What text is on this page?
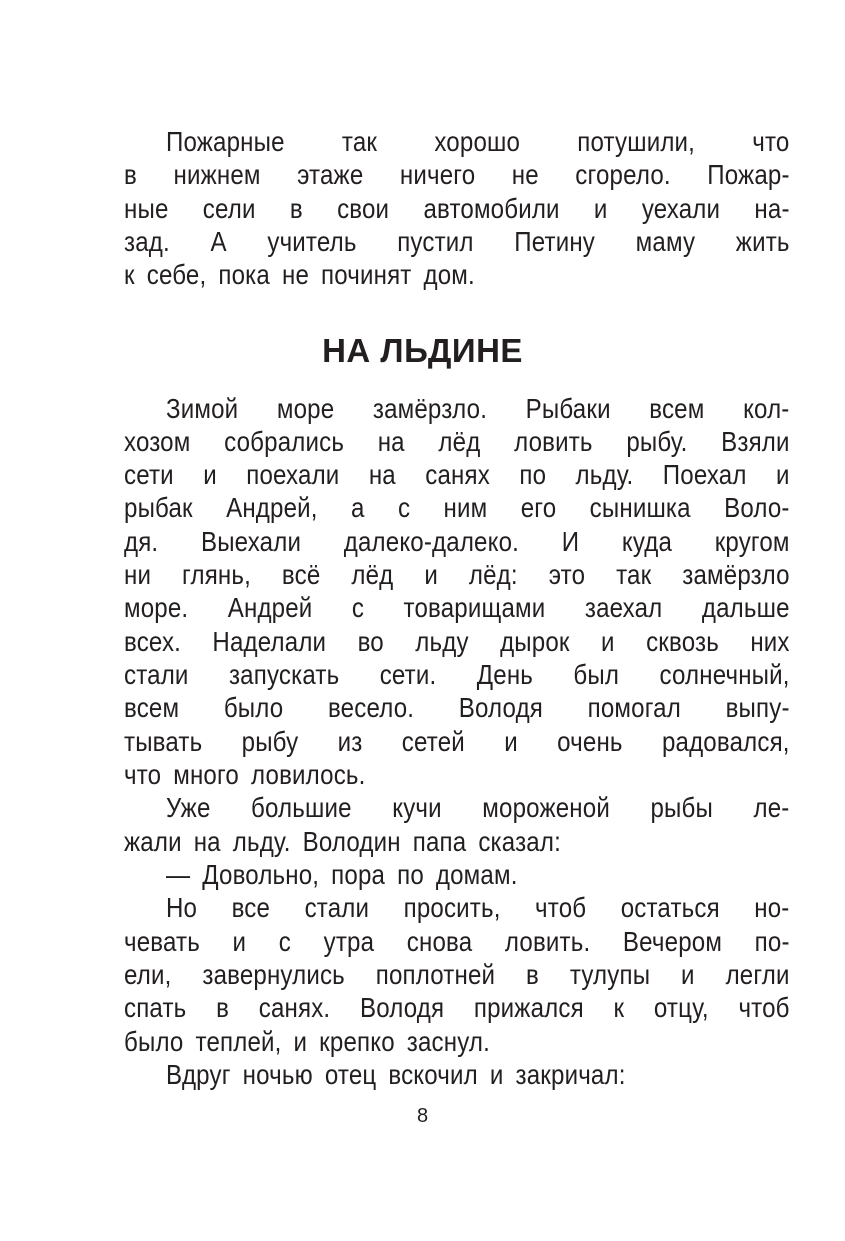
Пожарные так хорошо потушили, что
в нижнем этаже ничего не сгорело. Пожар-
ные сели в свои автомобили и уехали на-
зад. А учитель пустил Петину маму жить
к себе, пока не починят дом.
НА ЛЬДИНЕ
Зимой море замёрзло. Рыбаки всем кол-
хозом собрались на лёд ловить рыбу. Взяли
сети и поехали на санях по льду. Поехал и
рыбак Андрей, а с ним его сынишка Воло-
дя. Выехали далеко-далеко. И куда кругом
ни глянь, всё лёд и лёд: это так замёрзло
море. Андрей с товарищами заехал дальше
всех. Наделали во льду дырок и сквозь них
стали запускать сети. День был солнечный,
всем было весело. Володя помогал выпу-
тывать рыбу из сетей и очень радовался,
что много ловилось.
Уже большие кучи мороженой рыбы ле-
жали на льду. Володин папа сказал:
— Довольно, пора по домам.
Но все стали просить, чтоб остаться но-
чевать и с утра снова ловить. Вечером по-
ели, завернулись поплотней в тулупы и легли
спать в санях. Володя прижался к отцу, чтоб
было теплей, и крепко заснул.
Вдруг ночью отец вскочил и закричал:
8
